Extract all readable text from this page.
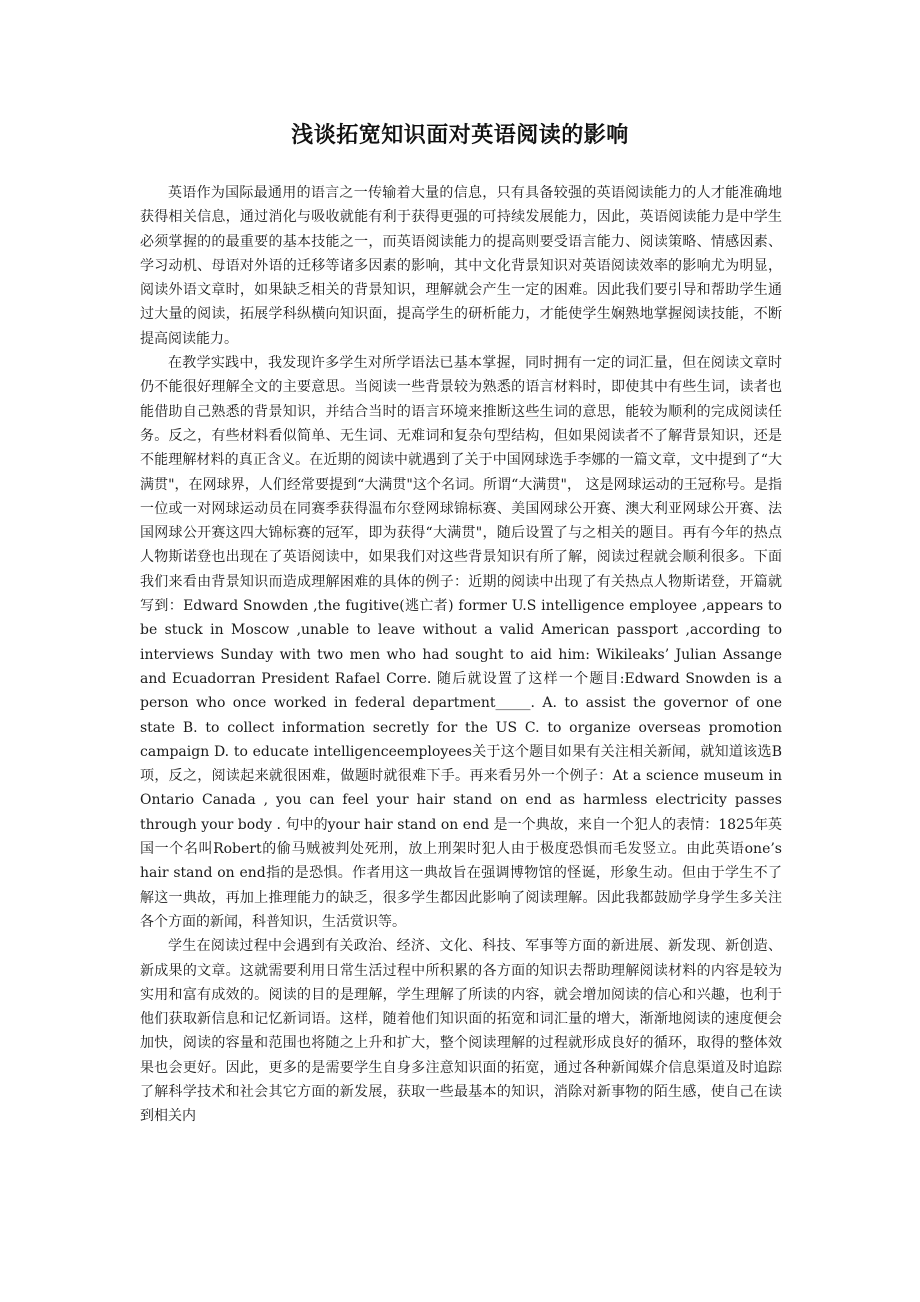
浅谈拓宽知识面对英语阅读的影响

英语作为国际最通用的语言之一传输着大量的信息，只有具备较强的英语阅读能力的人才能准确地获得相关信息，通过消化与吸收就能有利于获得更强的可持续发展能力，因此，英语阅读能力是中学生必须掌握的的最重要的基本技能之一，而英语阅读能力的提高则要受语言能力、阅读策略、情感因素、学习动机、母语对外语的迁移等诸多因素的影响，其中文化背景知识对英语阅读效率的影响尤为明显，阅读外语文章时，如果缺乏相关的背景知识，理解就会产生一定的困难。因此我们要引导和帮助学生通过大量的阅读，拓展学科纵横向知识面，提高学生的研析能力，才能使学生娴熟地掌握阅读技能，不断提高阅读能力。

在教学实践中，我发现许多学生对所学语法已基本掌握，同时拥有一定的词汇量，但在阅读文章时仍不能很好理解全文的主要意思。当阅读一些背景较为熟悉的语言材料时，即使其中有些生词，读者也能借助自己熟悉的背景知识，并结合当时的语言环境来推断这些生词的意思，能较为顺利的完成阅读任务。反之，有些材料看似简单、无生词、无难词和复杂句型结构，但如果阅读者不了解背景知识，还是不能理解材料的真正含义。在近期的阅读中就遇到了关于中国网球选手李娜的一篇文章，文中提到了“大满贯"，在网球界，人们经常要提到“大满贯"这个名词。所谓“大满贯"， 这是网球运动的王冠称号。是指一位或一对网球运动员在同赛季获得温布尔登网球锦标赛、美国网球公开赛、澳大利亚网球公开赛、法国网球公开赛这四大锦标赛的冠军，即为获得“大满贯"，随后设置了与之相关的题目。再有今年的热点人物斯诺登也出现在了英语阅读中，如果我们对这些背景知识有所了解，阅读过程就会顺利很多。下面我们来看由背景知识而造成理解困难的具体的例子：近期的阅读中出现了有关热点人物斯诺登，开篇就写到：Edward Snowden ,the fugitive(逃亡者) former U.S intelligence employee ,appears to be stuck in Moscow ,unable to leave without a valid American passport ,according to interviews Sunday with two men who had sought to aid him: Wikileaks’ Julian Assange and Ecuadorran President Rafael Corre. 随后就设置了这样一个题目:Edward Snowden is a person who once worked in federal department_____. A. to assist the governor of one state B. to collect information secretly for the US C. to organize overseas promotion campaign D. to educate intelligenceemployees关于这个题目如果有关注相关新闻，就知道该选B项，反之，阅读起来就很困难，做题时就很难下手。再来看另外一个例子：At a science museum in Ontario Canada , you can feel your hair stand on end as harmless electricity passes through your body . 句中的your hair stand on end 是一个典故，来自一个犯人的表情：1825年英国一个名叫Robert的偷马贼被判处死刑，放上刑架时犯人由于极度恐惧而毛发竖立。由此英语one’s hair stand on end指的是恐惧。作者用这一典故旨在强调博物馆的怪诞，形象生动。但由于学生不了解这一典故，再加上推理能力的缺乏，很多学生都因此影响了阅读理解。因此我都鼓励学身学生多关注各个方面的新闻，科普知识，生活赏识等。

学生在阅读过程中会遇到有关政治、经济、文化、科技、军事等方面的新进展、新发现、新创造、新成果的文章。这就需要利用日常生活过程中所积累的各方面的知识去帮助理解阅读材料的内容是较为实用和富有成效的。阅读的目的是理解，学生理解了所读的内容，就会增加阅读的信心和兴趣，也利于他们获取新信息和记忆新词语。这样，随着他们知识面的拓宽和词汇量的增大，渐渐地阅读的速度便会加快，阅读的容量和范围也将随之上升和扩大，整个阅读理解的过程就形成良好的循环，取得的整体效果也会更好。因此，更多的是需要学生自身多注意知识面的拓宽，通过各种新闻媒介信息渠道及时追踪了解科学技术和社会其它方面的新发展，获取一些最基本的知识，消除对新事物的陌生感，使自己在读到相关内
